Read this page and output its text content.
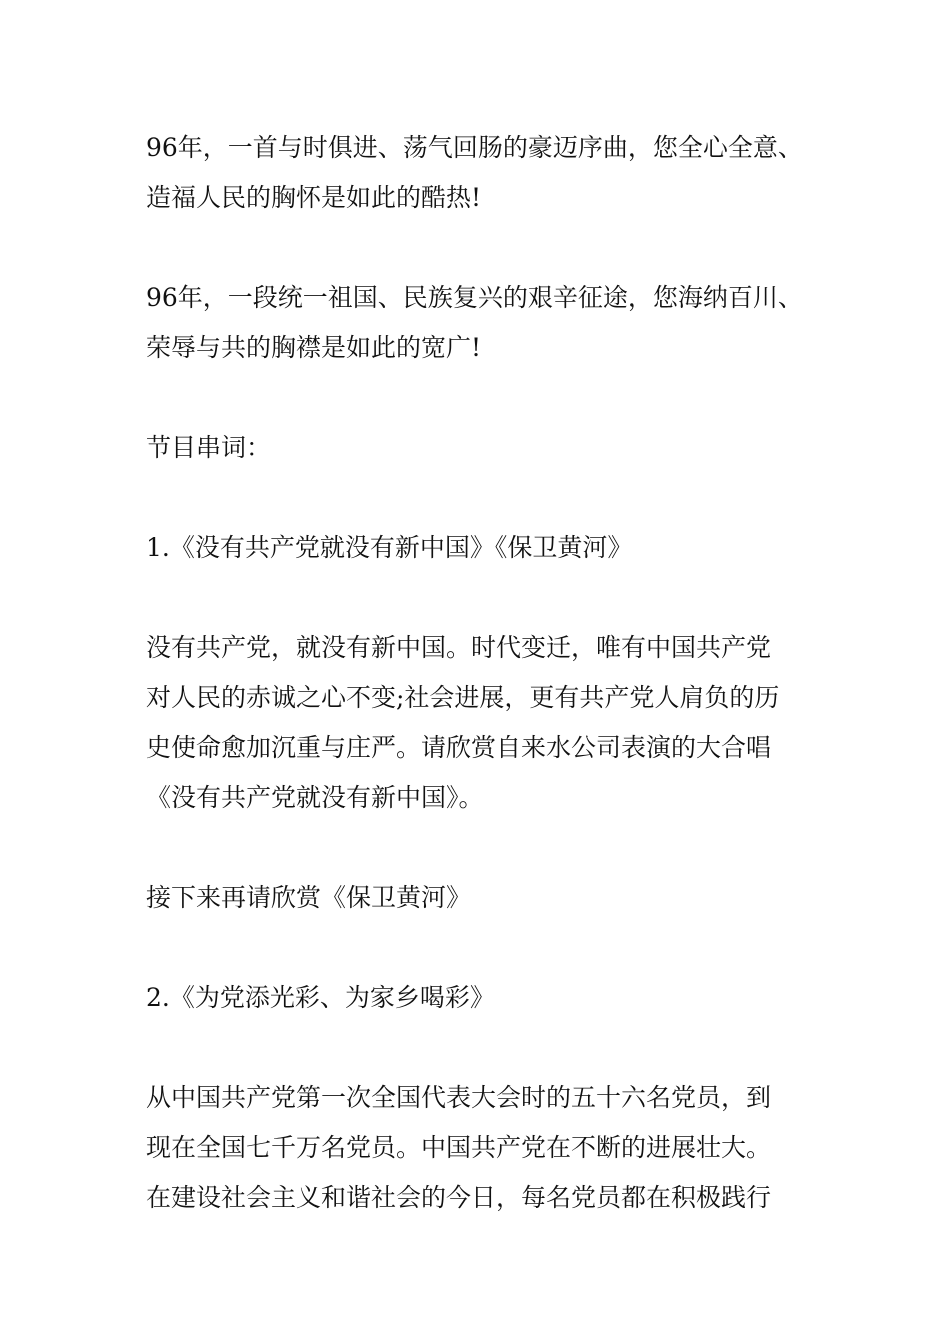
96年，一首与时俱进、荡气回肠的豪迈序曲，您全心全意、
造福人民的胸怀是如此的酷热!
96年，一段统一祖国、民族复兴的艰辛征途，您海纳百川、
荣辱与共的胸襟是如此的宽广!
节目串词：
1.《没有共产党就没有新中国》《保卫黄河》
没有共产党，就没有新中国。时代变迁，唯有中国共产党
对人民的赤诚之心不变;社会进展，更有共产党人肩负的历
史使命愈加沉重与庄严。请欣赏自来水公司表演的大合唱
《没有共产党就没有新中国》。
接下来再请欣赏《保卫黄河》
2.《为党添光彩、为家乡喝彩》
从中国共产党第一次全国代表大会时的五十六名党员，到
现在全国七千万名党员。中国共产党在不断的进展壮大。
在建设社会主义和谐社会的今日，每名党员都在积极践行
